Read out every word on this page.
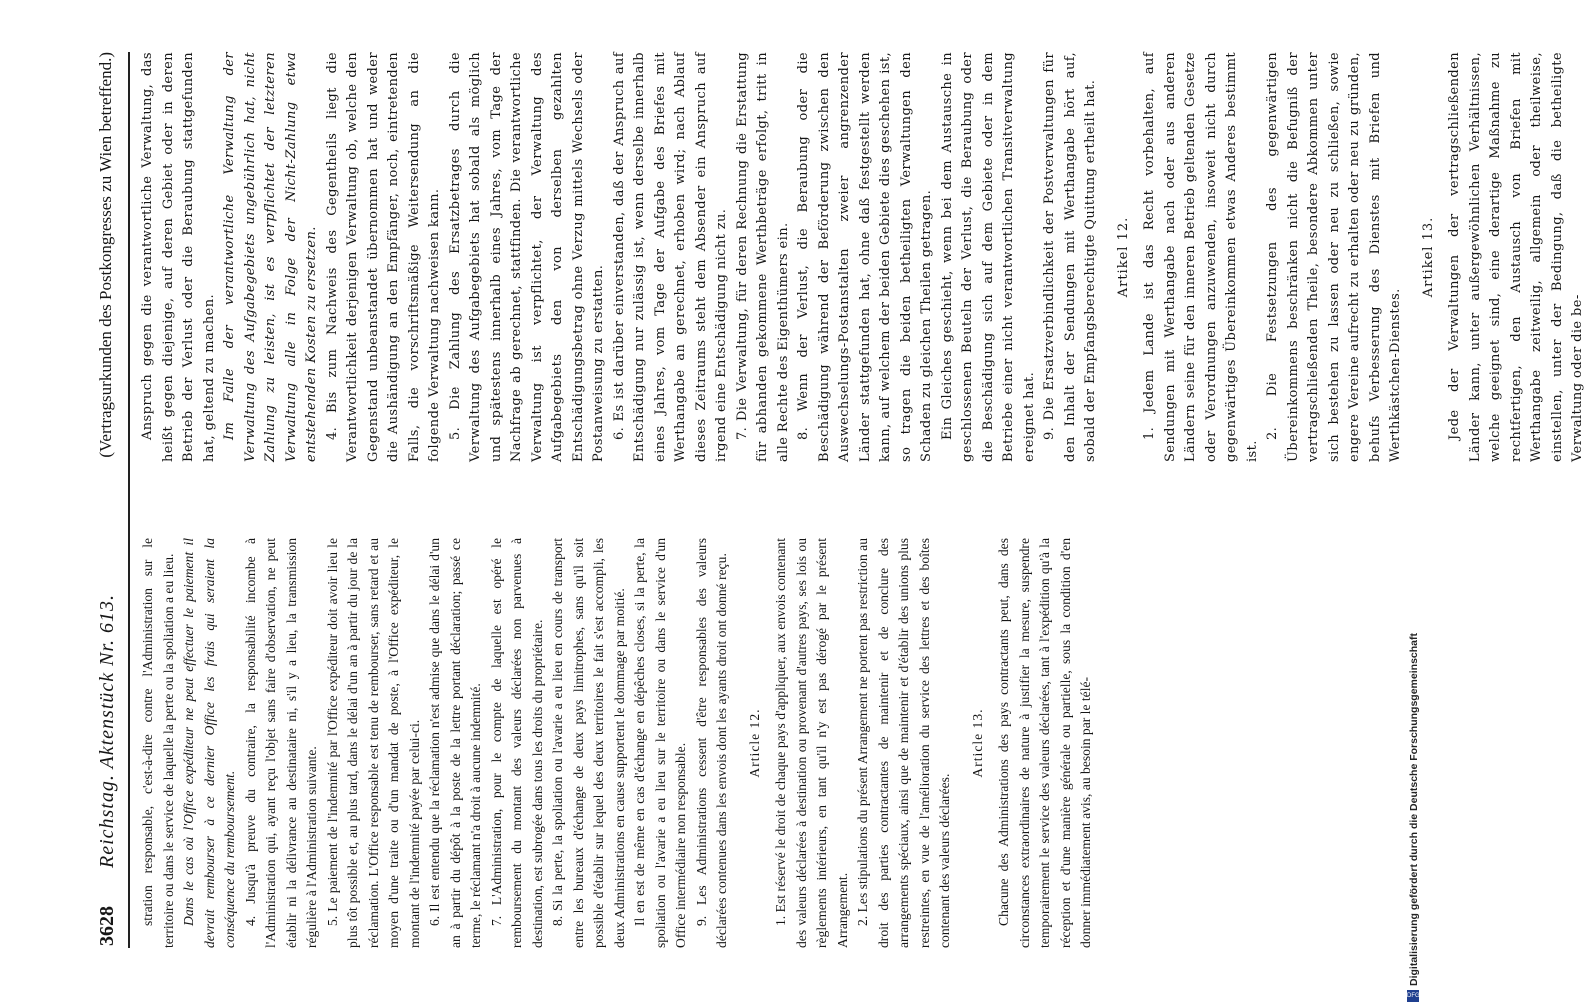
3628
Reichstag. Aktenstück Nr. 613.
(Vertragsurkunden des Postkongresses zu Wien betreffend.)

stration responsable, c'est-à-dire contre l'Administration sur le territoire ou dans le service de laquelle la perte ou la spoliation a eu lieu. Dans le cas où l'Office expéditeur ne peut effectuer le paiement il devrait rembourser à ce dernier Office les frais qui seraient la conséquence du remboursement. 4. Jusqu'à preuve du contraire, la responsabilité incombe à l'Administration qui, ayant reçu l'objet sans faire d'observation, ne peut établir ni la délivrance au destinataire ni, s'il y a lieu, la transmission régulière à l'Administration suivante. 5. Le paiement de l'indemnité par l'Office expéditeur doit avoir lieu le plus tôt possible et, au plus tard, dans le délai d'un an à partir du jour de la réclamation. L'Office responsable est tenu de rembourser, sans retard et au moyen d'une traite ou d'un mandat de poste, à l'Office expéditeur, le montant de l'indemnité payée par celui-ci. 6. Il est entendu que la réclamation n'est admise que dans le délai d'un an à partir du dépôt à la poste de la lettre portant déclaration; passé ce terme, le réclamant n'a droit à aucune indemnité. 7. L'Administration, pour le compte de laquelle est opéré le remboursement du montant des valeurs déclarées non parvenues à destination, est subrogée dans tous les droits du propriétaire. 8. Si la perte, la spoliation ou l'avarie a eu lieu en cours de transport entre les bureaux d'échange de deux pays limitrophes, sans qu'il soit possible d'établir sur lequel des deux territoires le fait s'est accompli, les deux Administrations en cause supportent le dommage par moitié. Il en est de même en cas d'échange en dépêches closes, si la perte, la spoliation ou l'avarie a eu lieu sur le territoire ou dans le service d'un Office intermédiaire non responsable. 9. Les Administrations cessent d'être responsables des valeurs déclarées contenues dans les envois dont les ayants droit ont donné reçu. Article 12. 1. Est réservé le droit de chaque pays d'appliquer, aux envois contenant des valeurs déclarées à destination ou provenant d'autres pays, ses lois ou règlements intérieurs, en tant qu'il n'y est pas dérogé par le présent Arrangement. 2. Les stipulations du présent Arrangement ne portent pas restriction au droit des parties contractantes de maintenir et de conclure des arrangements spéciaux, ainsi que de maintenir et d'établir des unions plus restreintes, en vue de l'amélioration du service des lettres et des boîtes contenant des valeurs déclarées.

Article 13. Chacune des Administrations des pays contractants peut, dans des circonstances extraordinaires de nature à justifier la mesure, suspendre temporairement le service des valeurs déclarées, tant à l'expédition qu'à la réception et d'une manière générale ou partielle, sous la condition d'en donner immédiatement avis, au besoin par le télé-

Anspruch gegen die verantwortliche Verwaltung, das heißt gegen diejenige, auf deren Gebiet oder in deren Betrieb der Verlust oder die Beraubung stattgefunden hat, geltend zu machen. Im Falle der verantwortliche Verwaltung der Verwaltung des Aufgabegebiets ungebührlich hat, nicht Zahlung zu leisten, ist es verpflichtet der letzteren Verwaltung alle in Folge der Nicht-Zahlung etwa entstehenden Kosten zu ersetzen. 4. Bis zum Nachweis des Gegentheils liegt die Verantwortlichkeit derjenigen Verwaltung ob, welche den Gegenstand unbeanstandet übernommen hat und weder die Aushändigung an den Empfänger, noch, eintretenden Falls, die vorschriftsmäßige Weitersendung an die folgende Verwaltung nachweisen kann. 5. Die Zahlung des Ersatzbetrages durch die Verwaltung des Aufgabegebiets hat sobald als möglich und spätestens innerhalb eines Jahres, vom Tage der Nachfrage ab gerechnet, stattfinden. Die verantwortliche Verwaltung ist verpflichtet, der Verwaltung des Aufgabegebiets den von derselben gezahlten Entschädigungsbetrag ohne Verzug mittels Wechsels oder Postanweisung zu erstatten. 6. Es ist darüber einverstanden, daß der Anspruch auf Entschädigung nur zulässig ist, wenn derselbe innerhalb eines Jahres, vom Tage der Aufgabe des Briefes mit Werthangabe an gerechnet, erhoben wird; nach Ablauf dieses Zeitraums steht dem Absender ein Anspruch auf irgend eine Entschädigung nicht zu. 7. Die Verwaltung, für deren Rechnung die Erstattung für abhanden gekommene Werthbeträge erfolgt, tritt in alle Rechte des Eigenthümers ein. 8. Wenn der Verlust, die Beraubung oder die Beschädigung während der Beförderung zwischen den Auswechselungs-Postanstalten zweier angrenzender Länder stattgefunden hat, ohne daß festgestellt werden kann, auf welchem der beiden Gebiete dies geschehen ist, so tragen die beiden betheiligten Verwaltungen den Schaden zu gleichen Theilen getragen. Ein Gleiches geschieht, wenn bei dem Austausche in geschlossenen Beuteln der Verlust, die Beraubung oder die Beschädigung sich auf dem Gebiete oder in dem Betriebe einer nicht verantwortlichen Transitverwaltung ereignet hat. 9. Die Ersatzverbindlichkeit der Postverwaltungen für den Inhalt der Sendungen mit Werthangabe hört auf, sobald der Empfangsberechtigte Quittung ertheilt hat. Artikel 12. 1. Jedem Lande ist das Recht vorbehalten, auf Sendungen mit Werthangabe nach oder aus anderen Ländern seine für den inneren Betrieb geltenden Gesetze oder Verordnungen anzuwenden, insoweit nicht durch gegenwärtiges Übereinkommen etwas Anderes bestimmt ist.

2. Die Festsetzungen des gegenwärtigen Übereinkommens beschränken nicht die Befugniß der vertragschließenden Theile, besondere Abkommen unter sich bestehen zu lassen oder neu zu schließen, sowie engere Vereine aufrecht zu erhalten oder neu zu gründen, behufs Verbesserung des Dienstes mit Briefen und Werthkästchen-Dienstes.

Artikel 13. Jede der Verwaltungen der vertragschließenden Länder kann, unter außergewöhnlichen Verhältnissen, welche geeignet sind, eine derartige Maßnahme zu rechtfertigen, den Austausch von Briefen mit Werthangabe zeitweilig, allgemein oder theilweise, einstellen, unter der Bedingung, daß die betheiligte Verwaltung oder die be-

Digitalisierung gefördert durch die Deutsche Forschungsgemeinschaft
DFG
